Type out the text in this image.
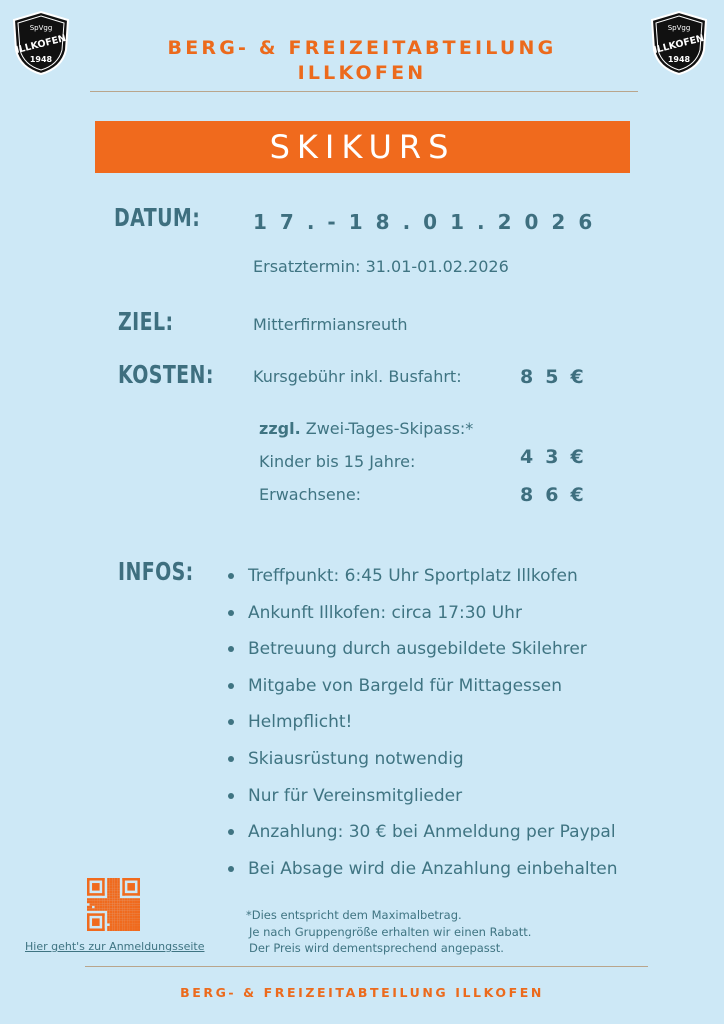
SpVgg
ILLKOFEN
1948
SpVgg
ILLKOFEN
1948
BERG- & FREIZEITABTEILUNG
ILLKOFEN
SKIKURS
DATUM:	17.-18.01.2026
Ersatztermin: 31.01-01.02.2026
ZIEL:	Mitterfirmiansreuth
KOSTEN: Kursgebühr inkl. Busfahrt:	85€
zzgl. Zwei-Tages-Skipass:*
Kinder bis 15 Jahre:	43€
Erwachsene:	86€
INFOS:	Treffpunkt: 6:45 Uhr Sportplatz Illkofen
Ankunft Illkofen: circa 17:30 Uhr
Betreuung durch ausgebildete Skilehrer
Mitgabe von Bargeld für Mittagessen
Helmpflicht!
Skiausrüstung notwendig
Nur für Vereinsmitglieder
Anzahlung: 30 € bei Anmeldung per Paypal
Bei Absage wird die Anzahlung einbehalten
Hier geht's zur Anmeldungsseite
*Dies entspricht dem Maximalbetrag.
Je nach Gruppengröße erhalten wir einen Rabatt.
Der Preis wird dementsprechend angepasst.
BERG- & FREIZEITABTEILUNG ILLKOFEN
